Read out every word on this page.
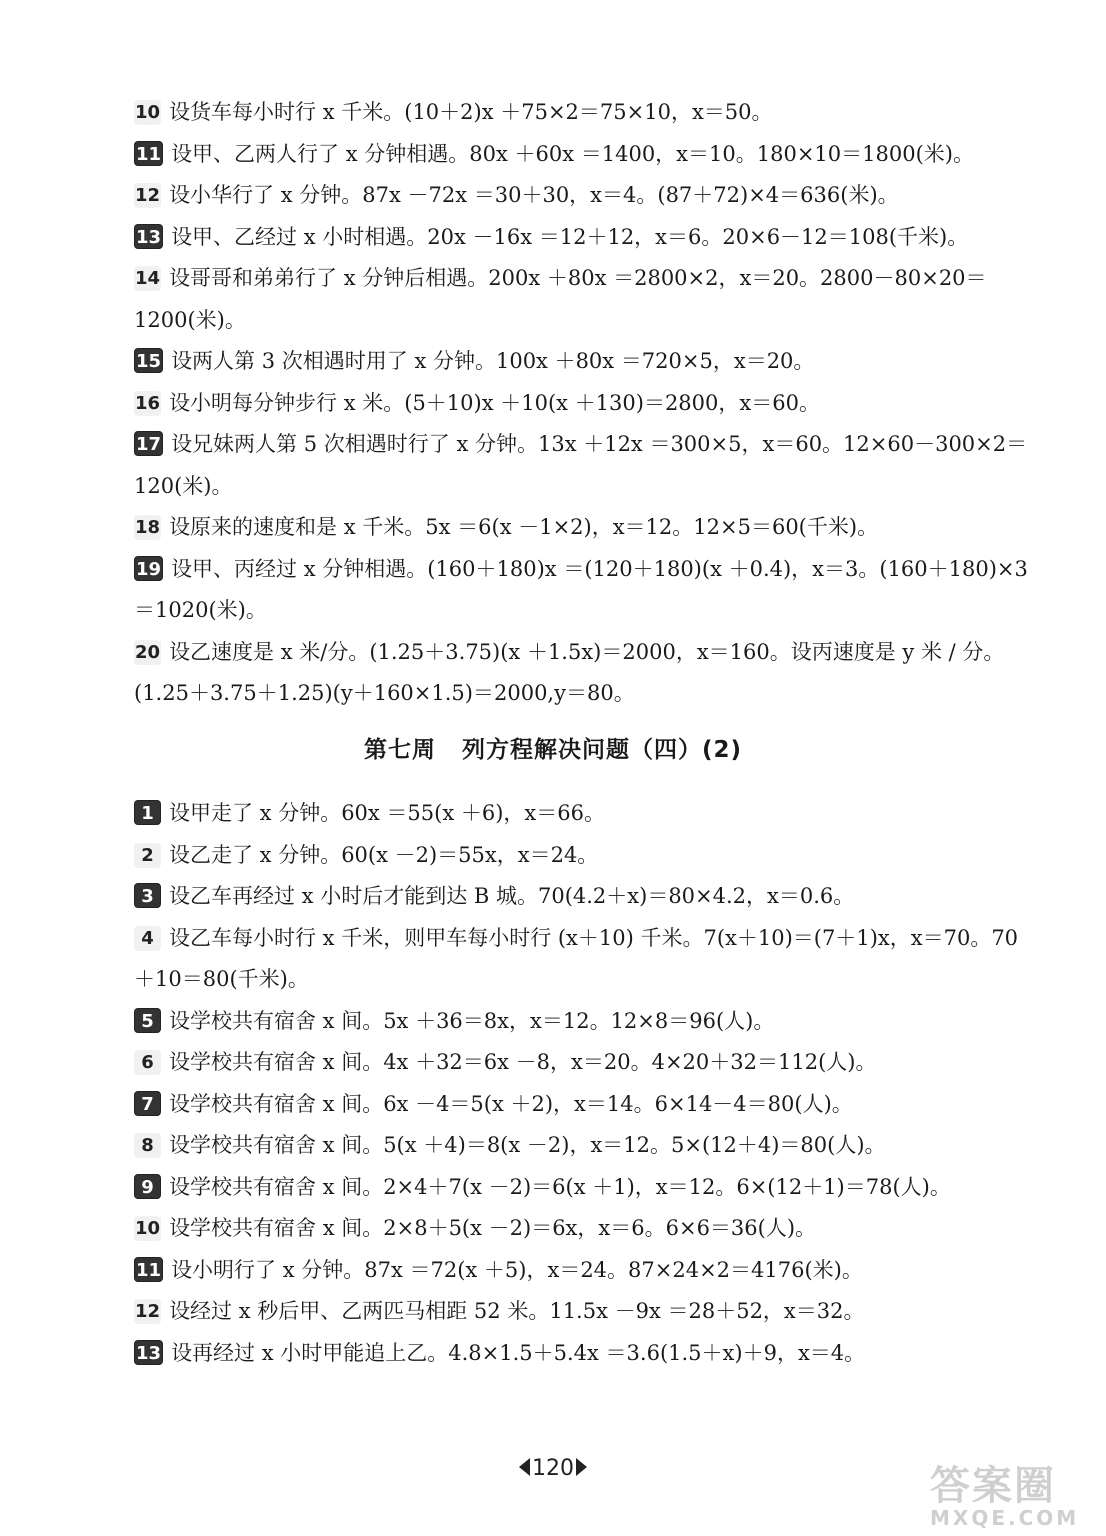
10 设货车每小时行 x 千米。(10＋2)x ＋75×2＝75×10，x＝50。

11 设甲、乙两人行了 x 分钟相遇。80x ＋60x ＝1400，x＝10。180×10＝1800(米)。

12 设小华行了 x 分钟。87x －72x ＝30＋30，x＝4。(87＋72)×4＝636(米)。

13 设甲、乙经过 x 小时相遇。20x －16x ＝12＋12，x＝6。20×6－12＝108(千米)。

14 设哥哥和弟弟行了 x 分钟后相遇。200x ＋80x ＝2800×2，x＝20。2800－80×20＝1200(米)。

15 设两人第 3 次相遇时用了 x 分钟。100x ＋80x ＝720×5，x＝20。

16 设小明每分钟步行 x 米。(5＋10)x ＋10(x ＋130)＝2800，x＝60。

17 设兄妹两人第 5 次相遇时行了 x 分钟。13x ＋12x ＝300×5，x＝60。12×60－300×2＝120(米)。

18 设原来的速度和是 x 千米。5x ＝6(x －1×2)，x＝12。12×5＝60(千米)。

19 设甲、丙经过 x 分钟相遇。(160＋180)x ＝(120＋180)(x ＋0.4)，x＝3。(160＋180)×3＝1020(米)。

20 设乙速度是 x 米/分。(1.25＋3.75)(x ＋1.5x)＝2000，x＝160。设丙速度是 y 米 / 分。(1.25＋3.75＋1.25)(y＋160×1.5)＝2000,y＝80。

第七周 列方程解决问题（四）(2)

1 设甲走了 x 分钟。60x ＝55(x ＋6)，x＝66。

2 设乙走了 x 分钟。60(x －2)＝55x，x＝24。

3 设乙车再经过 x 小时后才能到达 B 城。70(4.2＋x)＝80×4.2，x＝0.6。

4 设乙车每小时行 x 千米，则甲车每小时行 (x＋10) 千米。7(x＋10)＝(7＋1)x，x＝70。70＋10＝80(千米)。

5 设学校共有宿舍 x 间。5x ＋36＝8x，x＝12。12×8＝96(人)。

6 设学校共有宿舍 x 间。4x ＋32＝6x －8，x＝20。4×20＋32＝112(人)。

7 设学校共有宿舍 x 间。6x －4＝5(x ＋2)，x＝14。6×14－4＝80(人)。

8 设学校共有宿舍 x 间。5(x ＋4)＝8(x －2)，x＝12。5×(12＋4)＝80(人)。

9 设学校共有宿舍 x 间。2×4＋7(x －2)＝6(x ＋1)，x＝12。6×(12＋1)＝78(人)。

10 设学校共有宿舍 x 间。2×8＋5(x －2)＝6x，x＝6。6×6＝36(人)。

11 设小明行了 x 分钟。87x ＝72(x ＋5)，x＝24。87×24×2＝4176(米)。

12 设经过 x 秒后甲、乙两匹马相距 52 米。11.5x －9x ＝28＋52，x＝32。

13 设再经过 x 小时甲能追上乙。4.8×1.5＋5.4x ＝3.6(1.5＋x)＋9，x＝4。

120	答案圈
MXQE.COM
